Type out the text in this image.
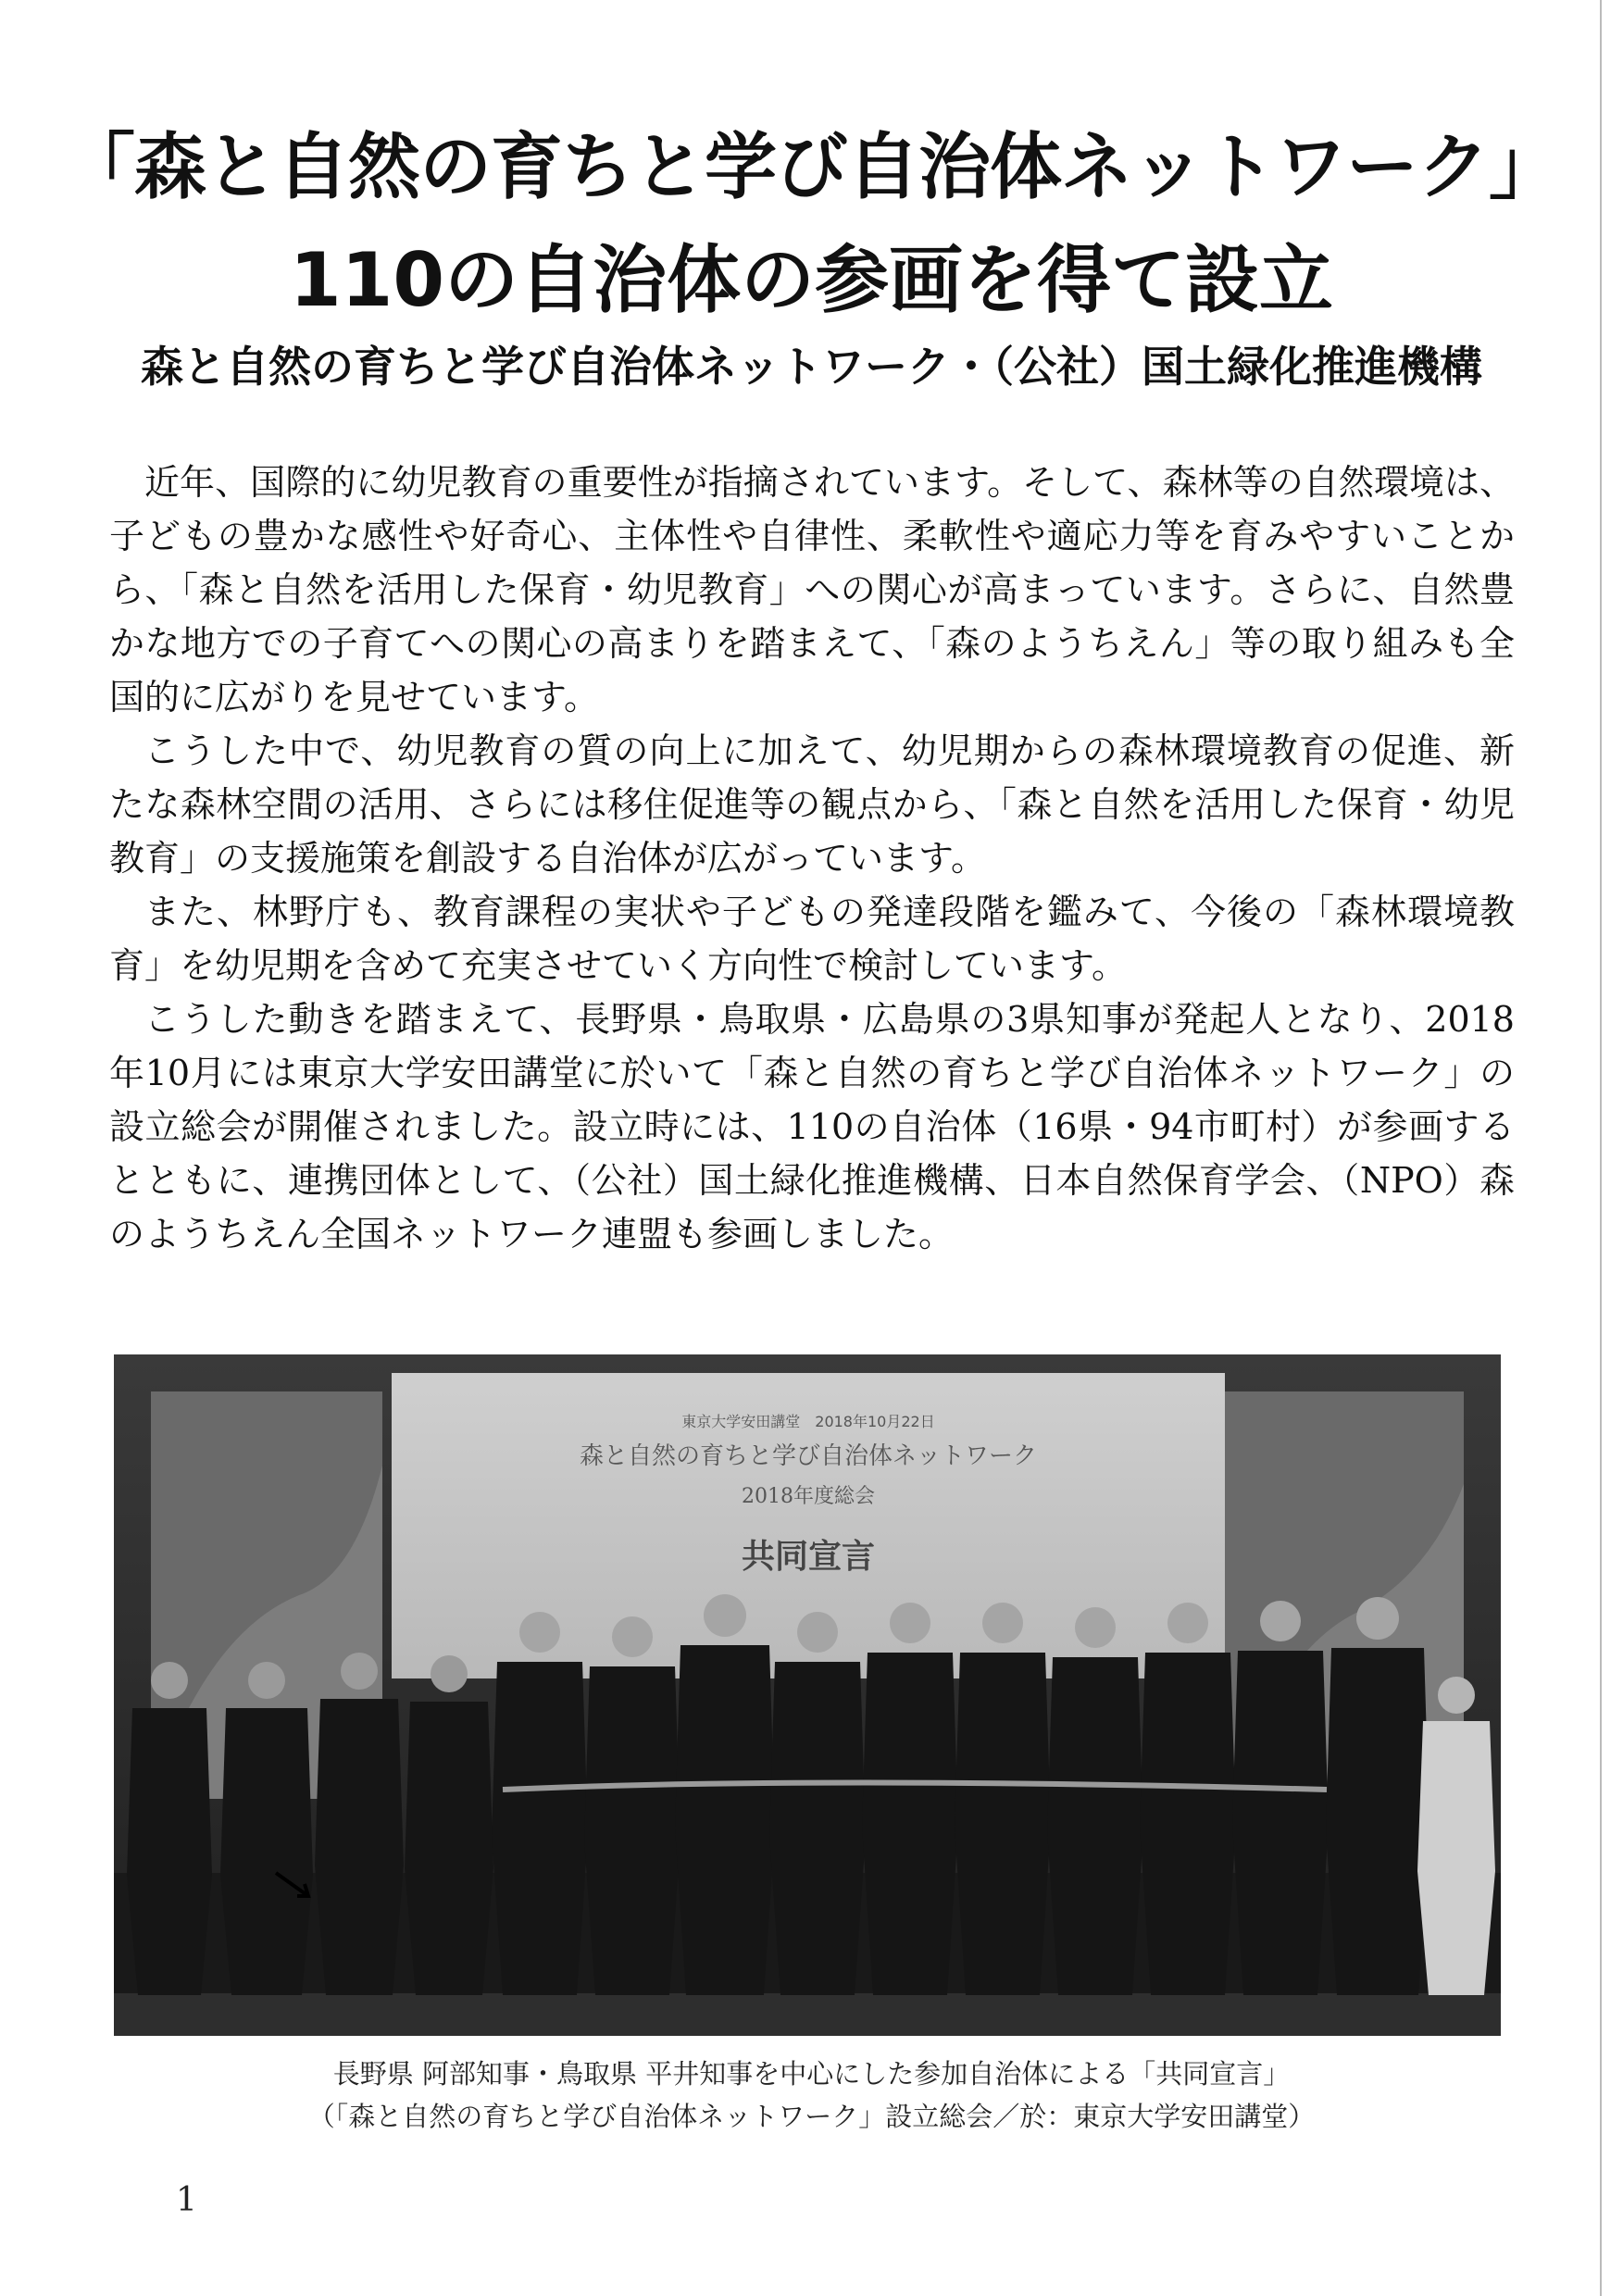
「森と自然の育ちと学び自治体ネットワーク」
110の自治体の参画を得て設立
森と自然の育ちと学び自治体ネットワーク・（公社）国土緑化推進機構

近年、国際的に幼児教育の重要性が指摘されています。そして、森林等の自然環境は、子どもの豊かな感性や好奇心、主体性や自律性、柔軟性や適応力等を育みやすいことから、「森と自然を活用した保育・幼児教育」への関心が高まっています。さらに、自然豊かな地方での子育てへの関心の高まりを踏まえて、「森のようちえん」等の取り組みも全国的に広がりを見せています。

こうした中で、幼児教育の質の向上に加えて、幼児期からの森林環境教育の促進、新たな森林空間の活用、さらには移住促進等の観点から、「森と自然を活用した保育・幼児教育」の支援施策を創設する自治体が広がっています。

また、林野庁も、教育課程の実状や子どもの発達段階を鑑みて、今後の「森林環境教育」を幼児期を含めて充実させていく方向性で検討しています。

こうした動きを踏まえて、長野県・鳥取県・広島県の3県知事が発起人となり、2018年10月には東京大学安田講堂に於いて「森と自然の育ちと学び自治体ネットワーク」の設立総会が開催されました。設立時には、110の自治体（16県・94市町村）が参画するとともに、連携団体として、（公社）国土緑化推進機構、日本自然保育学会、（NPO）森のようちえん全国ネットワーク連盟も参画しました。

東京大学安田講堂　2018年10月22日
森と自然の育ちと学び自治体ネットワーク
2018年度総会
共同宣言
長野県 阿部知事・鳥取県 平井知事を中心にした参加自治体による「共同宣言」
（「森と自然の育ちと学び自治体ネットワーク」設立総会／於：東京大学安田講堂）
1
